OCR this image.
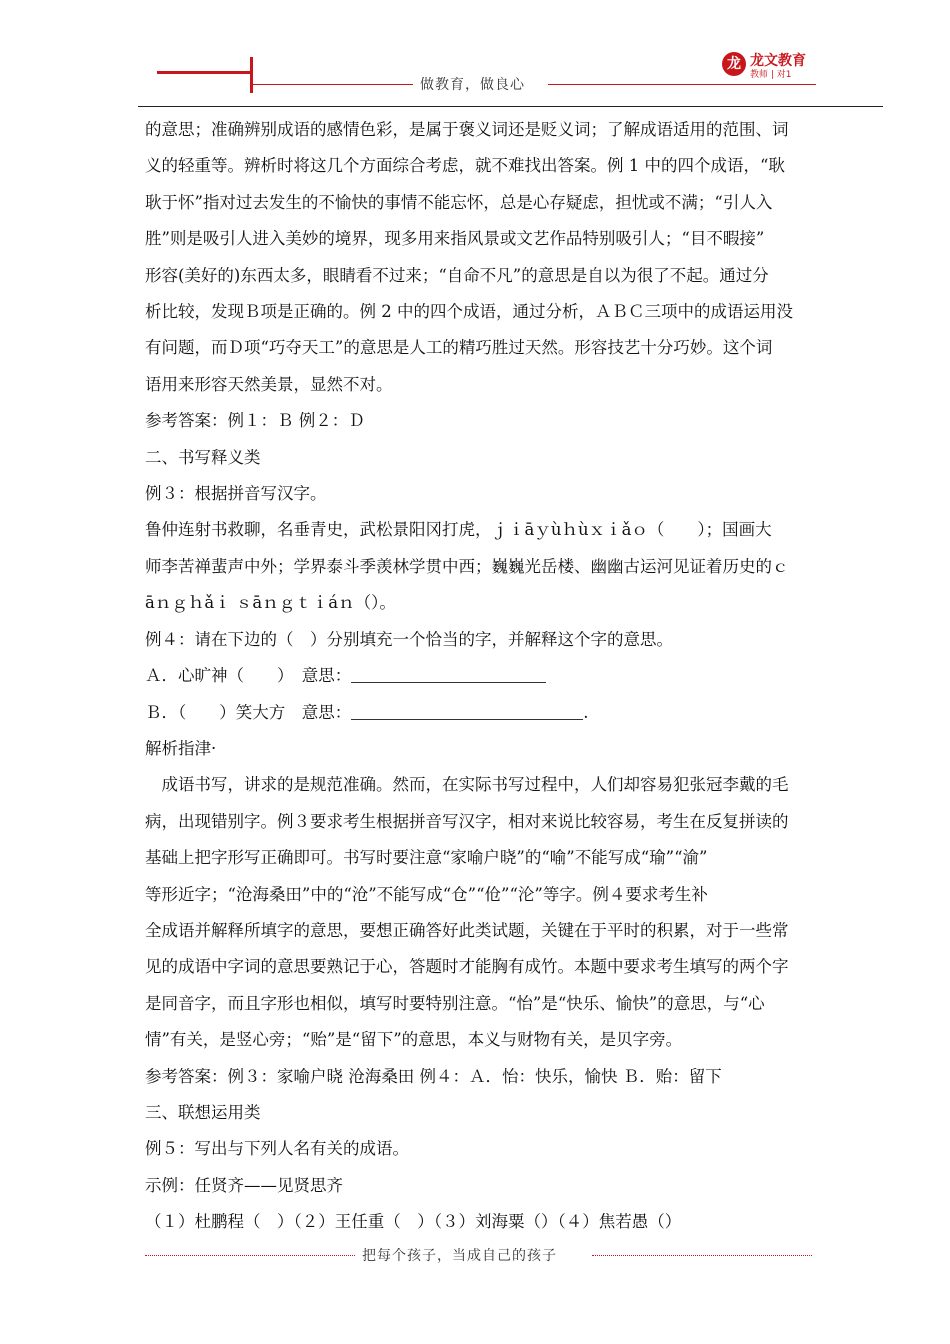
做教育，做良心
龙 龙文教育
教师 | 对1

的意思；准确辨别成语的感情色彩，是属于褒义词还是贬义词；了解成语适用的范围、词

义的轻重等。辨析时将这几个方面综合考虑，就不难找出答案。例 1 中的四个成语，“耿

耿于怀”指对过去发生的不愉快的事情不能忘怀，总是心存疑虑，担忧或不满；“引人入

胜”则是吸引人进入美妙的境界，现多用来指风景或文艺作品特别吸引人；“目不暇接”

形容(美好的)东西太多，眼睛看不过来；“自命不凡”的意思是自以为很了不起。通过分

析比较，发现Ｂ项是正确的。例 2 中的四个成语，通过分析，ＡＢＣ三项中的成语运用没

有问题，而Ｄ项“巧夺天工”的意思是人工的精巧胜过天然。形容技艺十分巧妙。这个词

语用来形容天然美景，显然不对。

参考答案：例１：Ｂ 例２：Ｄ

二、书写释义类

例３：根据拼音写汉字。

鲁仲连射书救聊，名垂青史，武松景阳冈打虎，ｊｉāｙùｈùｘｉǎｏ（　　）；国画大

师李苦禅蜚声中外；学界泰斗季羡林学贯中西；巍巍光岳楼、幽幽古运河见证着历史的ｃ

āｎｇｈǎｉ ｓāｎｇｔｉáｎ（）。

例４：请在下边的（　）分别填充一个恰当的字，并解释这个字的意思。

Ａ．心旷神（　　）　意思：

Ｂ．（　　）笑大方　意思：	.

解析指津·

　成语书写，讲求的是规范准确。然而，在实际书写过程中，人们却容易犯张冠李戴的毛

病，出现错别字。例３要求考生根据拼音写汉字，相对来说比较容易，考生在反复拼读的

基础上把字形写正确即可。书写时要注意“家喻户晓”的“喻”不能写成“瑜”“渝”

等形近字；“沧海桑田”中的“沧”不能写成“仓”“伧”“沦”等字。例４要求考生补

全成语并解释所填字的意思，要想正确答好此类试题，关键在于平时的积累，对于一些常

见的成语中字词的意思要熟记于心，答题时才能胸有成竹。本题中要求考生填写的两个字

是同音字，而且字形也相似，填写时要特别注意。“怡”是“快乐、愉快”的意思，与“心

情”有关，是竖心旁；“贻”是“留下”的意思，本义与财物有关，是贝字旁。

参考答案：例３：家喻户晓 沧海桑田 例４：Ａ．怡：快乐，愉快 Ｂ．贻：留下

三、联想运用类

例５：写出与下列人名有关的成语。

示例：任贤齐——见贤思齐

（１）杜鹏程（　）（２）王任重（　）（３）刘海粟（）（４）焦若愚（）

把每个孩子，当成自己的孩子
